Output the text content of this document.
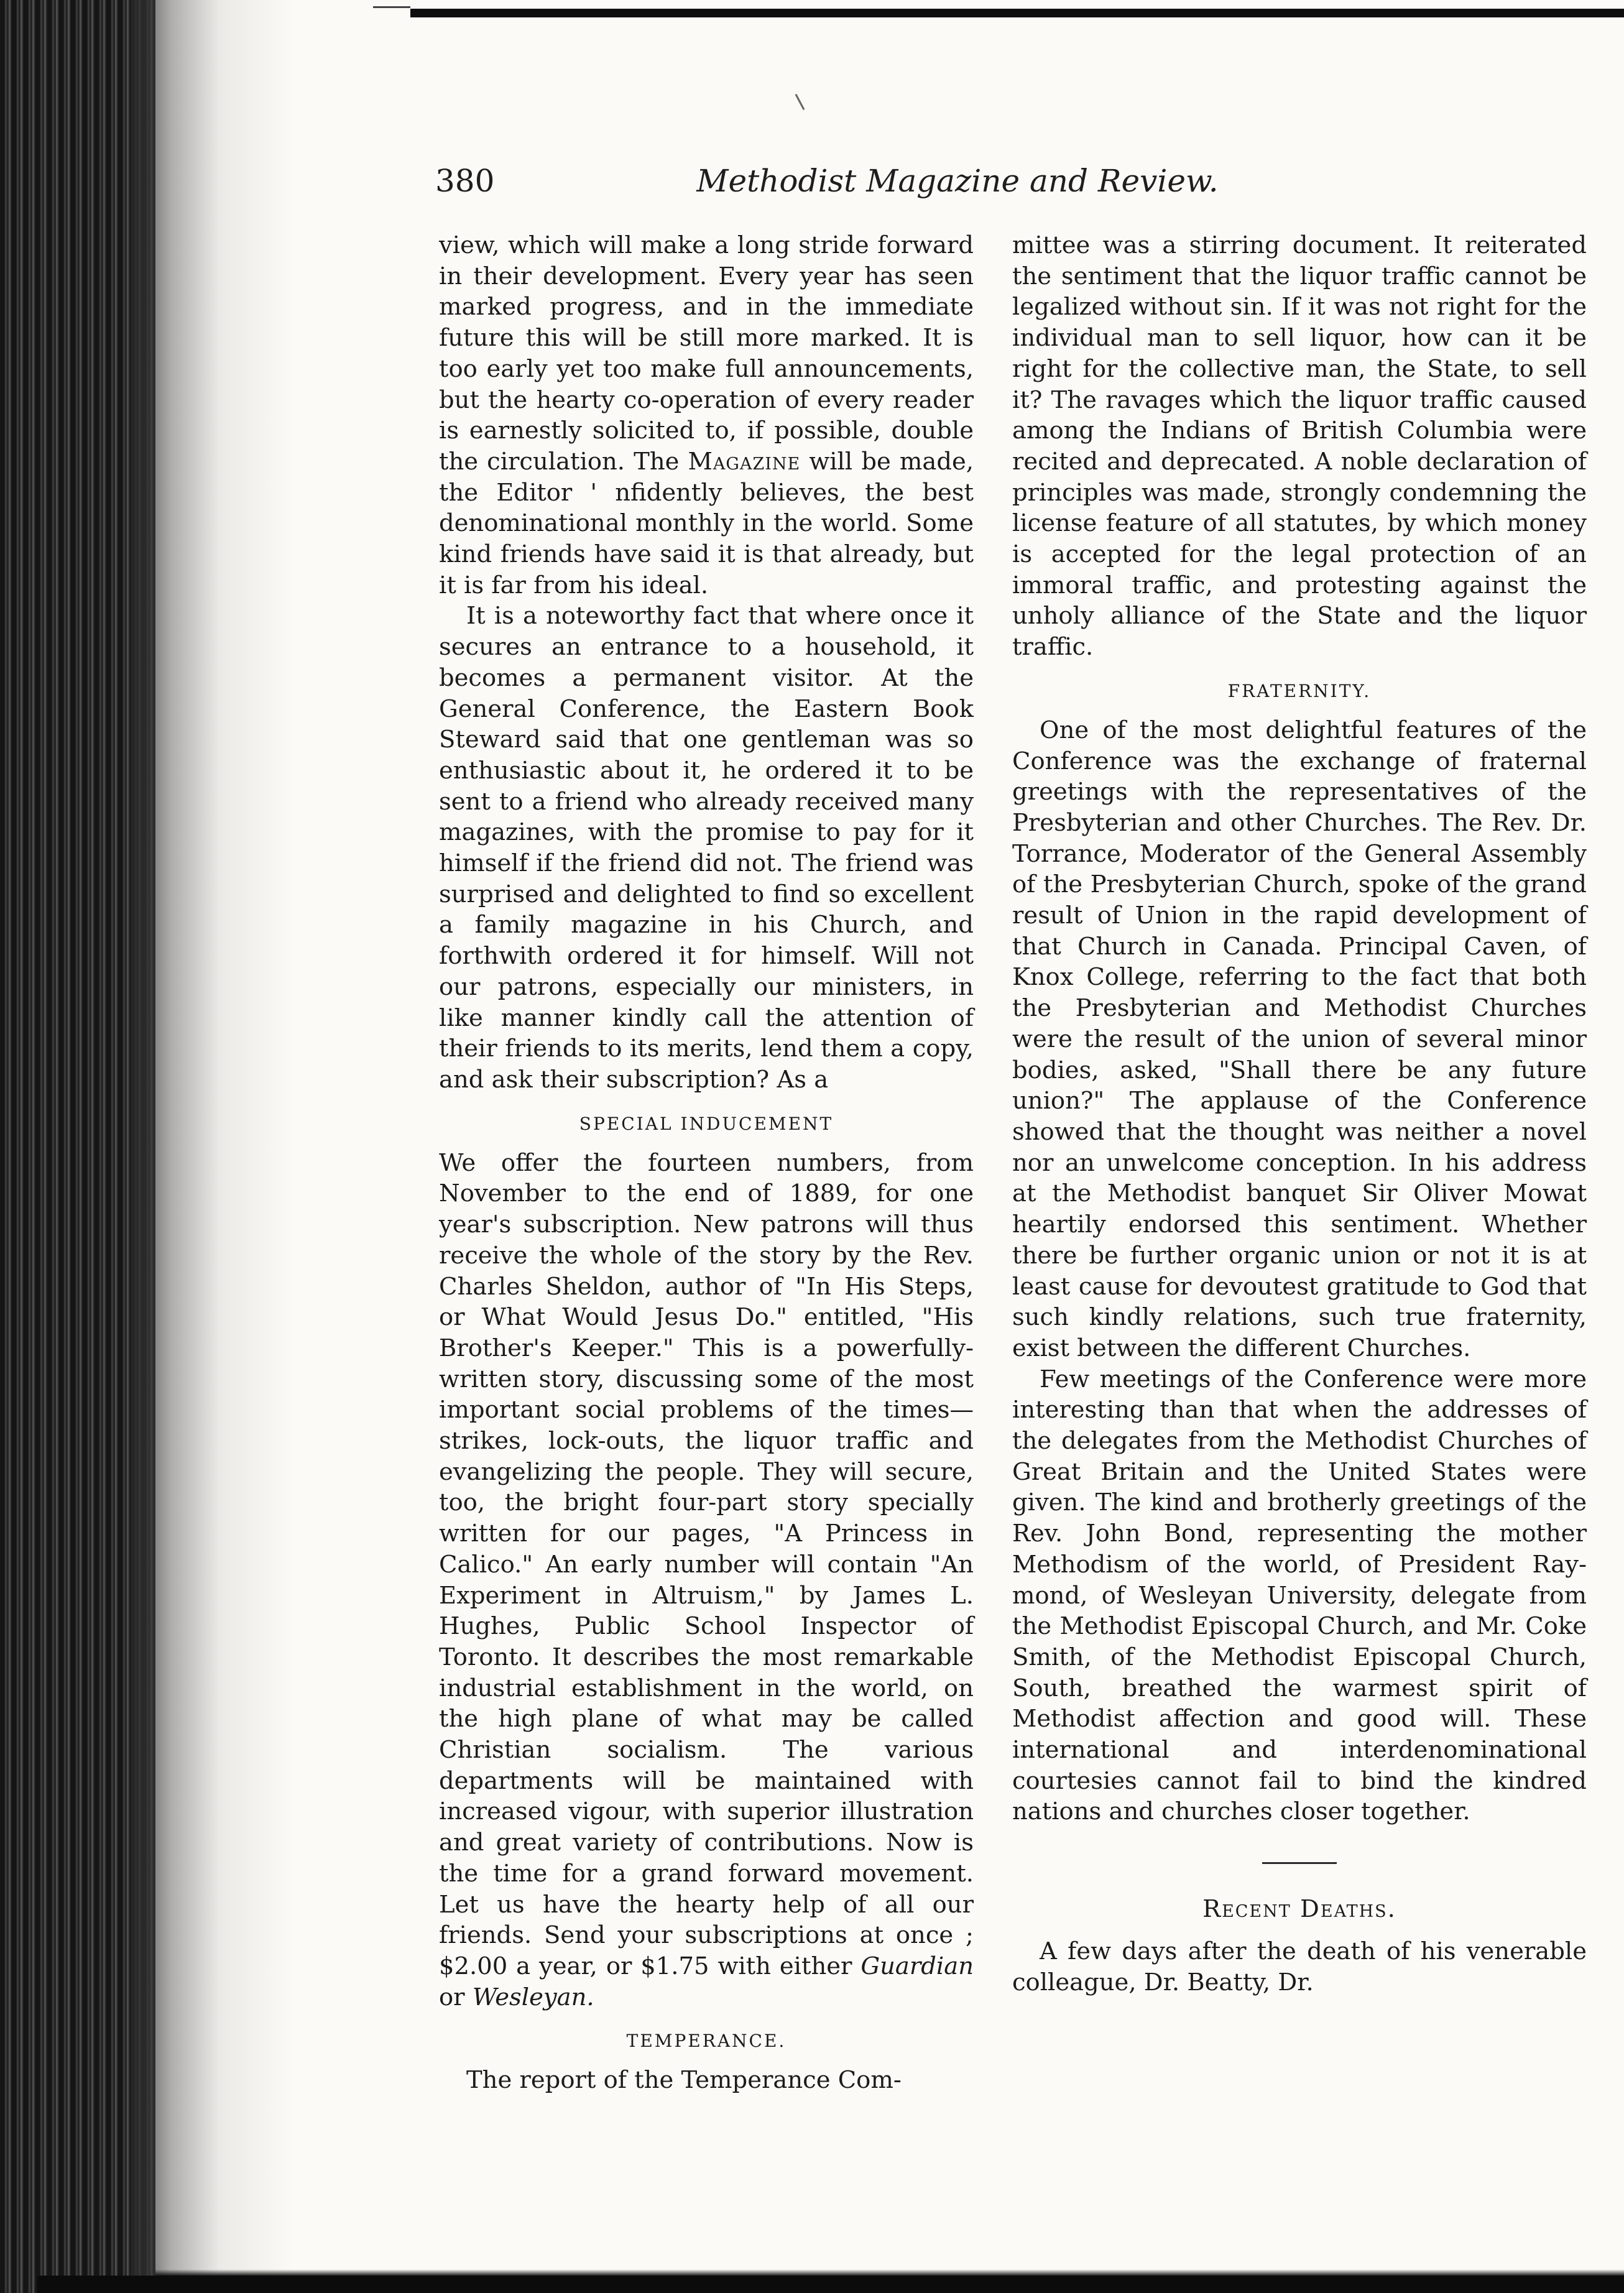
380	Methodist Magazine and Review.

view, which will make a long stride forward in their development. Every year has seen marked progress, and in the immediate future this will be still more marked. It is too early yet too make full announcements, but the hearty co-operation of every reader is earnestly solicited to, if possible, double the circulation. The Magazine will be made, the Editor ' nfidently believes, the best denominational monthly in the world. Some kind friends have said it is that already, but it is far from his ideal.

It is a noteworthy fact that where once it secures an entrance to a household, it becomes a permanent visitor. At the General Conference, the Eastern Book Steward said that one gentleman was so enthusiastic about it, he ordered it to be sent to a friend who already received many magazines, with the promise to pay for it himself if the friend did not. The friend was surprised and delighted to find so excellent a family magazine in his Church, and forthwith ordered it for himself. Will not our patrons, especially our ministers, in like manner kindly call the attention of their friends to its merits, lend them a copy, and ask their subscription? As a

SPECIAL INDUCEMENT

We offer the fourteen numbers, from November to the end of 1889, for one year's subscription. New patrons will thus receive the whole of the story by the Rev. Charles Sheldon, author of "In His Steps, or What Would Jesus Do." entitled, "His Brother's Keeper." This is a powerfully-written story, discussing some of the most important social problems of the times—strikes, lock-outs, the liquor traffic and evangelizing the people. They will secure, too, the bright four-part story specially written for our pages, "A Princess in Calico." An early number will contain "An Experiment in Altruism," by James L. Hughes, Public School Inspector of Toronto. It describes the most remarkable industrial establishment in the world, on the high plane of what may be called Christian socialism. The various departments will be maintained with increased vigour, with superior illustration and great variety of contributions. Now is the time for a grand forward movement. Let us have the hearty help of all our friends. Send your subscriptions at once ; $2.00 a year, or $1.75 with either Guardian or Wesleyan.

TEMPERANCE.

The report of the Temperance Com-

mittee was a stirring document. It reiterated the sentiment that the liquor traffic cannot be legalized without sin. If it was not right for the individual man to sell liquor, how can it be right for the collective man, the State, to sell it? The ravages which the liquor traffic caused among the Indians of British Columbia were recited and deprecated. A noble declaration of principles was made, strongly condemning the license feature of all statutes, by which money is accepted for the legal protection of an immoral traffic, and protesting against the unholy alliance of the State and the liquor traffic.

FRATERNITY.

One of the most delightful features of the Conference was the exchange of fraternal greetings with the representatives of the Presbyterian and other Churches. The Rev. Dr. Torrance, Moderator of the General Assembly of the Presbyterian Church, spoke of the grand result of Union in the rapid development of that Church in Canada. Principal Caven, of Knox College, referring to the fact that both the Presbyterian and Methodist Churches were the result of the union of several minor bodies, asked, "Shall there be any future union?" The applause of the Conference showed that the thought was neither a novel nor an unwelcome conception. In his address at the Methodist banquet Sir Oliver Mowat heartily endorsed this sentiment. Whether there be further organic union or not it is at least cause for devoutest gratitude to God that such kindly relations, such true fraternity, exist between the different Churches.

Few meetings of the Conference were more interesting than that when the addresses of the delegates from the Methodist Churches of Great Britain and the United States were given. The kind and brotherly greetings of the Rev. John Bond, representing the mother Methodism of the world, of President Raymond, of Wesleyan University, delegate from the Methodist Episcopal Church, and Mr. Coke Smith, of the Methodist Episcopal Church, South, breathed the warmest spirit of Methodist affection and good will. These international and interdenominational courtesies cannot fail to bind the kindred nations and churches closer together.

Recent Deaths.

A few days after the death of his venerable colleague, Dr. Beatty, Dr.
